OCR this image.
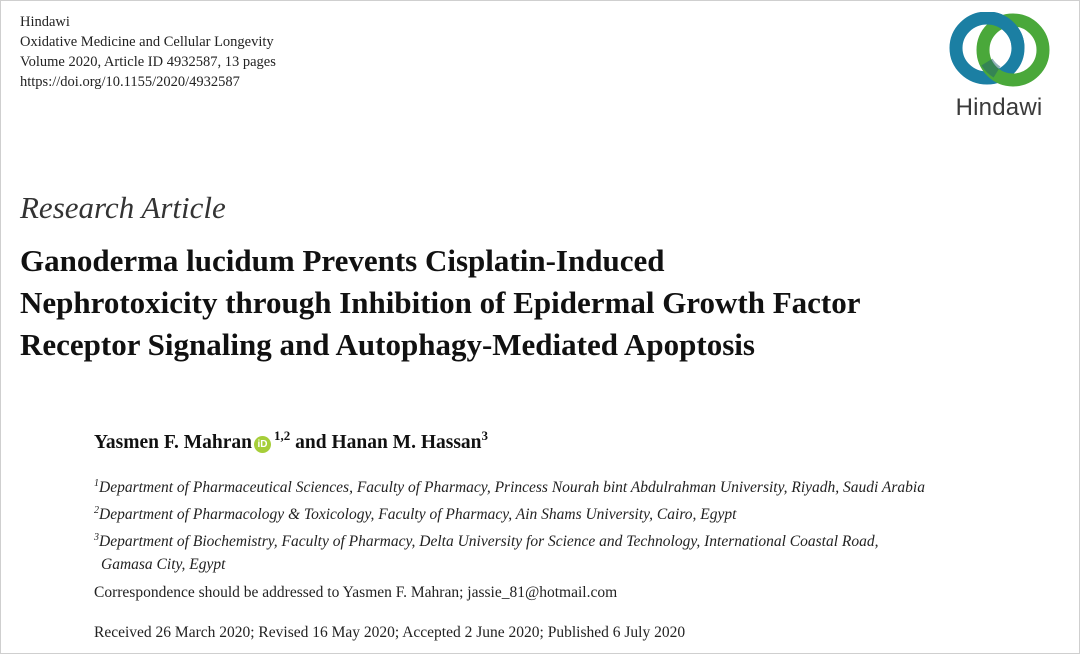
Hindawi
Oxidative Medicine and Cellular Longevity
Volume 2020, Article ID 4932587, 13 pages
https://doi.org/10.1155/2020/4932587
Hindawi
Research Article
Ganoderma lucidum Prevents Cisplatin-Induced
Nephrotoxicity through Inhibition of Epidermal Growth Factor
Receptor Signaling and Autophagy-Mediated Apoptosis
Yasmen F. Mahran iD$^{1,2}$ and Hanan M. Hassan$^3$
$^1$Department of Pharmaceutical Sciences, Faculty of Pharmacy, Princess Nourah bint Abdulrahman University, Riyadh, Saudi Arabia
$^2$Department of Pharmacology & Toxicology, Faculty of Pharmacy, Ain Shams University, Cairo, Egypt
$^3$Department of Biochemistry, Faculty of Pharmacy, Delta University for Science and Technology, International Coastal Road,
Gamasa City, Egypt
Correspondence should be addressed to Yasmen F. Mahran; jassie_81@hotmail.com
Received 26 March 2020; Revised 16 May 2020; Accepted 2 June 2020; Published 6 July 2020
